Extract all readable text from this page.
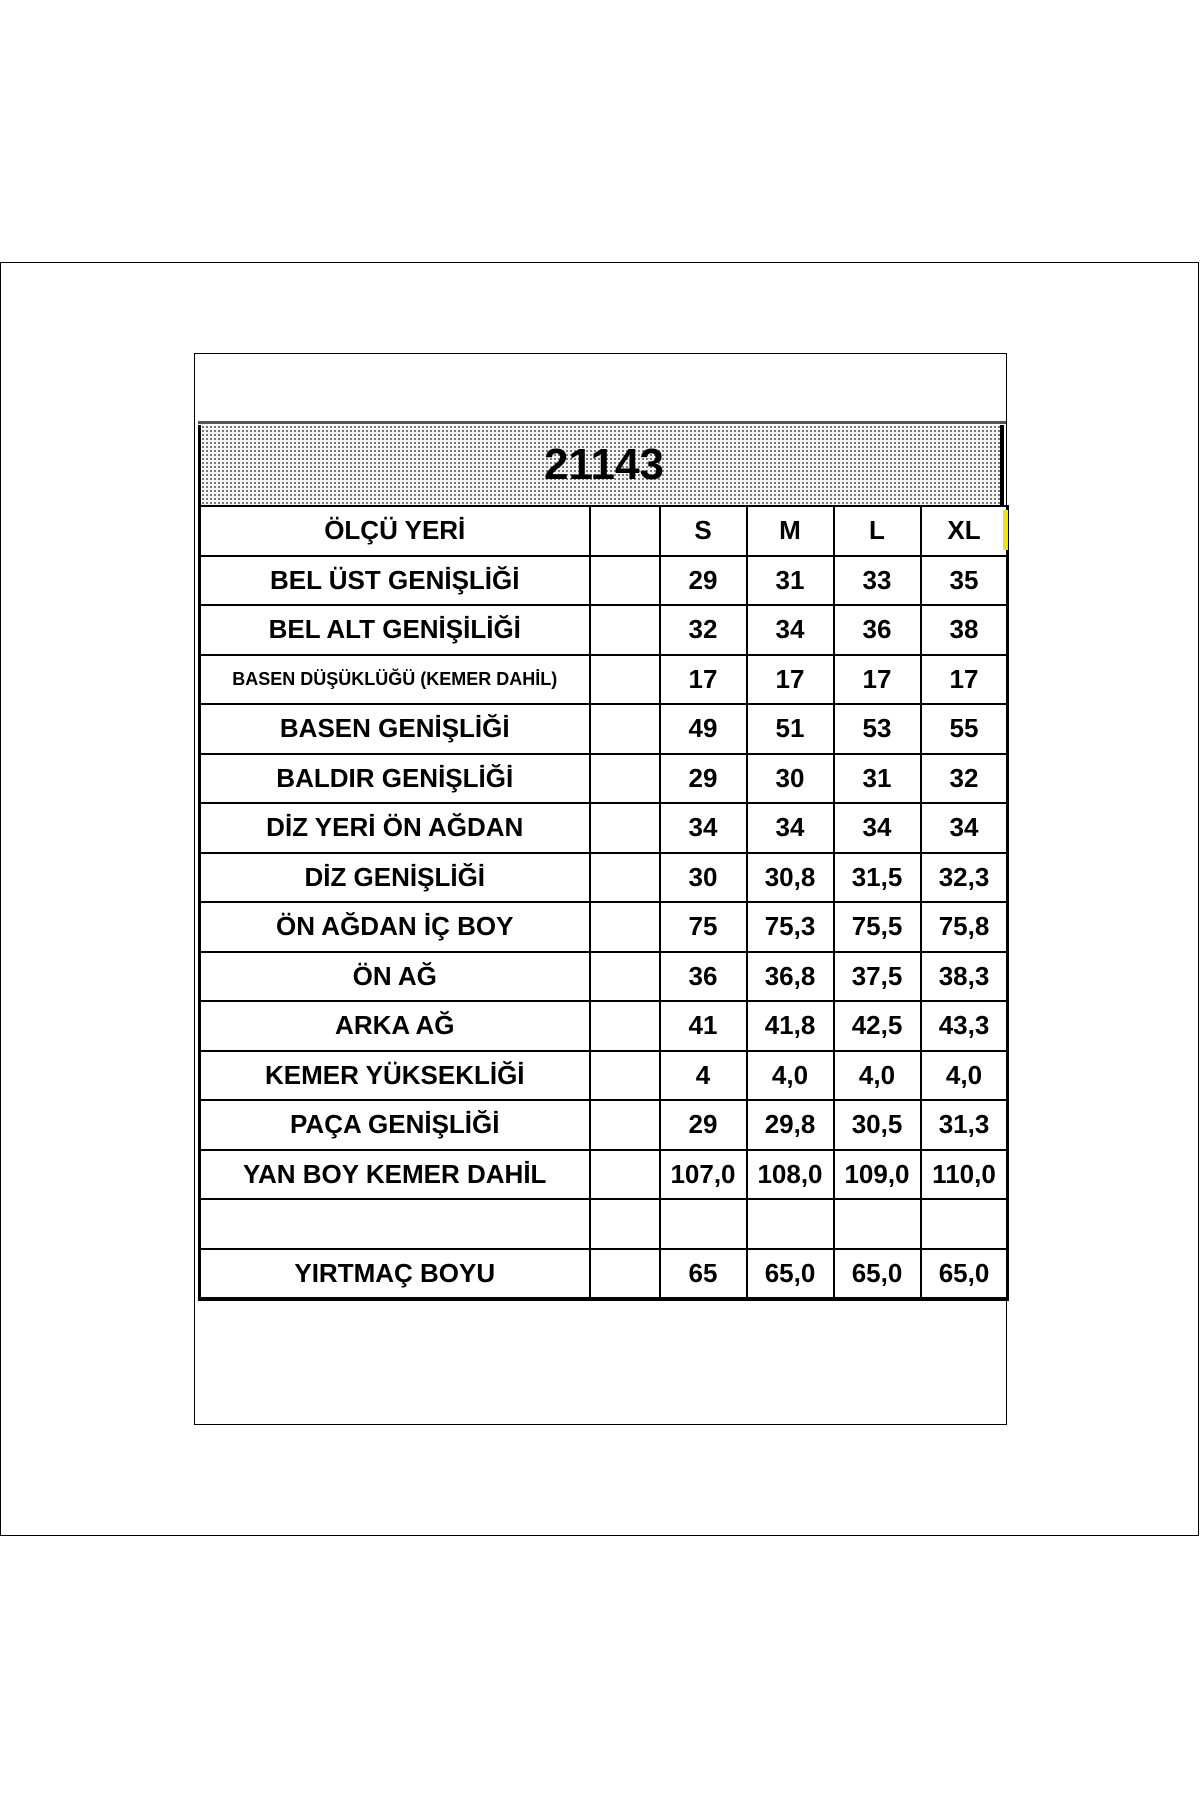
21143
ÖLÇÜ YERİ		S	M	L	XL
BEL ÜST GENİŞLİĞİ		29	31	33	35
BEL ALT GENİŞİLİĞİ		32	34	36	38
BASEN DÜŞÜKLÜĞÜ (KEMER DAHİL)		17	17	17	17
BASEN GENİŞLİĞİ		49	51	53	55
BALDIR GENİŞLİĞİ		29	30	31	32
DİZ YERİ ÖN AĞDAN		34	34	34	34
DİZ GENİŞLİĞİ		30	30,8	31,5	32,3
ÖN AĞDAN İÇ BOY		75	75,3	75,5	75,8
ÖN AĞ		36	36,8	37,5	38,3
ARKA AĞ		41	41,8	42,5	43,3
KEMER YÜKSEKLİĞİ		4	4,0	4,0	4,0
PAÇA GENİŞLİĞİ		29	29,8	30,5	31,3
YAN BOY KEMER DAHİL		107,0	108,0	109,0	110,0

YIRTMAÇ BOYU		65	65,0	65,0	65,0
